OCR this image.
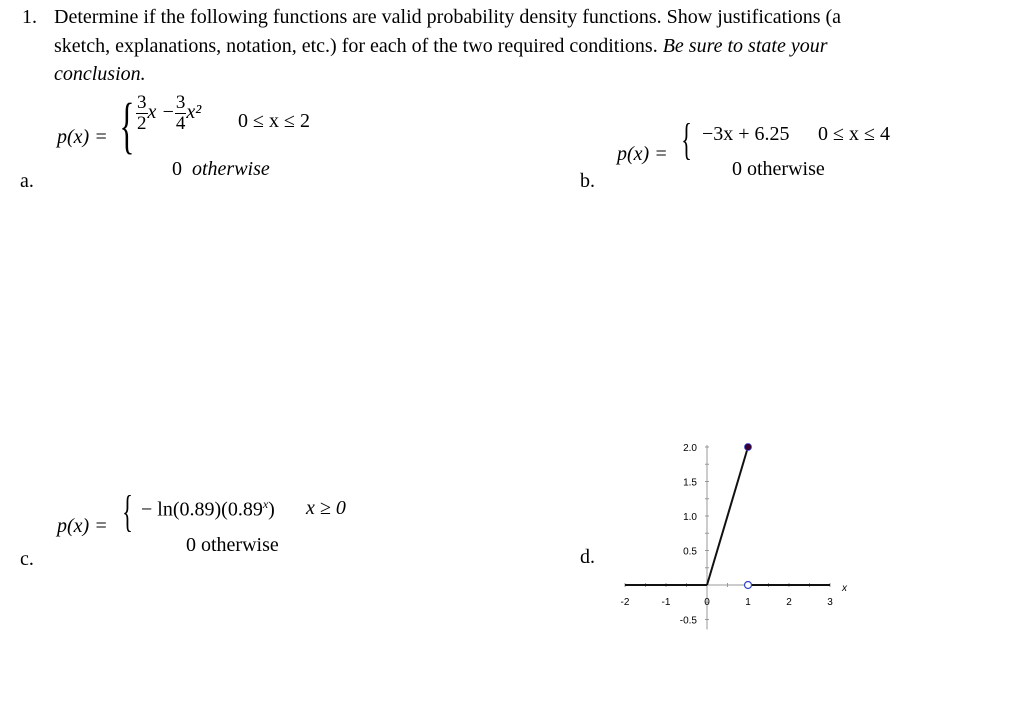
1. Determine if the following functions are valid probability density functions. Show justifications (a
sketch, explanations, notation, etc.) for each of the two required conditions. Be sure to state your
conclusion.
a.
p(x) = { $\frac{3}{2}$ $x - \frac{3}{4} x^2$ 0 ≤ x ≤ 2
0 otherwise
b.
p(x) = { −3x + 6.25 0 ≤ x ≤ 4
0 otherwise
c.
p(x) = { − $\ln(0.89)(0.89^x) x \ge 0$
0 otherwise
d.
-2	-1	0	1	2	3
2.0
1.5
1.0
0.5
-0.5
x
